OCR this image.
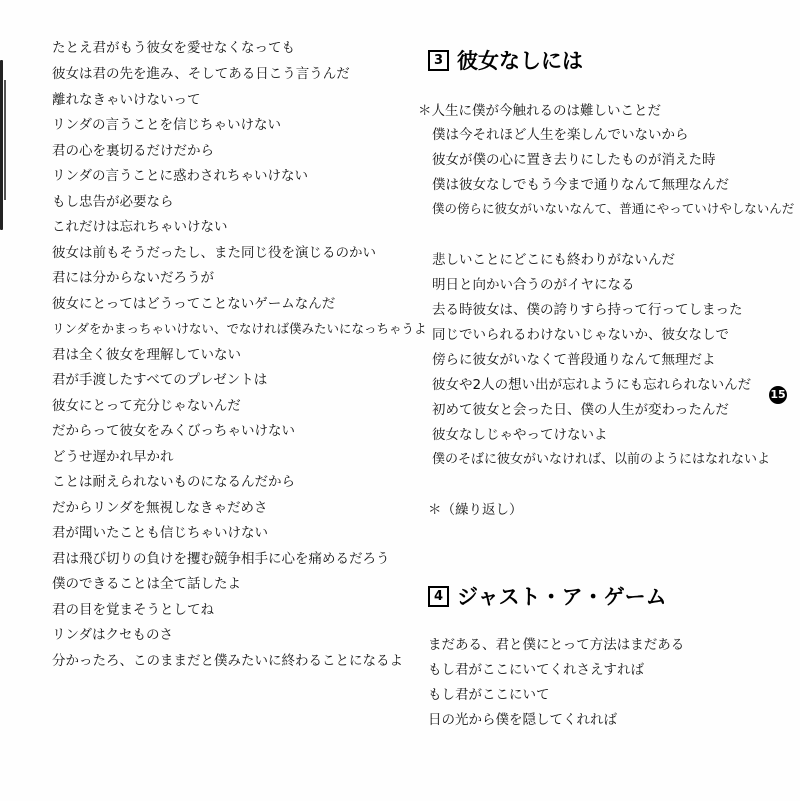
たとえ君がもう彼女を愛せなくなっても
彼女は君の先を進み、そしてある日こう言うんだ
離れなきゃいけないって
リンダの言うことを信じちゃいけない
君の心を裏切るだけだから
リンダの言うことに惑わされちゃいけない
もし忠告が必要なら
これだけは忘れちゃいけない
彼女は前もそうだったし、また同じ役を演じるのかい
君には分からないだろうが
彼女にとってはどうってことないゲームなんだ
リンダをかまっちゃいけない、でなければ僕みたいになっちゃうよ
君は全く彼女を理解していない
君が手渡したすべてのプレゼントは
彼女にとって充分じゃないんだ
だからって彼女をみくびっちゃいけない
どうせ遅かれ早かれ
ことは耐えられないものになるんだから
だからリンダを無視しなきゃだめさ
君が聞いたことも信じちゃいけない
君は飛び切りの負けを攫む競争相手に心を痛めるだろう
僕のできることは全て話したよ
君の目を覚まそうとしてね
リンダはクセものさ
分かったろ、このままだと僕みたいに終わることになるよ
3 彼女なしには
＊人生に僕が今触れるのは難しいことだ
僕は今それほど人生を楽しんでいないから
彼女が僕の心に置き去りにしたものが消えた時
僕は彼女なしでもう今まで通りなんて無理なんだ
僕の傍らに彼女がいないなんて、普通にやっていけやしないんだ
悲しいことにどこにも終わりがないんだ
明日と向かい合うのがイヤになる
去る時彼女は、僕の誇りすら持って行ってしまった
同じでいられるわけないじゃないか、彼女なしで
傍らに彼女がいなくて普段通りなんて無理だよ
彼女や2人の想い出が忘れようにも忘れられないんだ
初めて彼女と会った日、僕の人生が変わったんだ
彼女なしじゃやってけないよ
僕のそばに彼女がいなければ、以前のようにはなれないよ
＊（繰り返し）
4 ジャスト・ア・ゲーム
まだある、君と僕にとって方法はまだある
もし君がここにいてくれさえすれば
もし君がここにいて
日の光から僕を隠してくれれば
15
